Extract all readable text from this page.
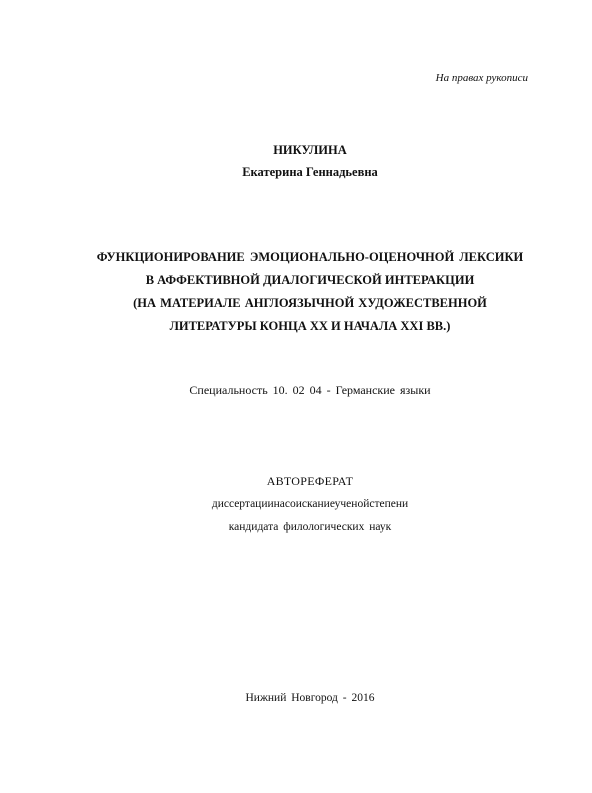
На правах рукописи
НИКУЛИНА
Екатерина Геннадьевна
ФУНКЦИОНИРОВАНИЕ ЭМОЦИОНАЛЬНО-ОЦЕНОЧНОЙ ЛЕКСИКИ
В АФФЕКТИВНОЙ ДИАЛОГИЧЕСКОЙ ИНТЕРАКЦИИ
(НА МАТЕРИАЛЕ АНГЛОЯЗЫЧНОЙ ХУДОЖЕСТВЕННОЙ
ЛИТЕРАТУРЫ КОНЦА XX И НАЧАЛА XXI ВВ.)
Специальность 10. 02 04 - Германские языки
АВТОРЕФЕРАТ
диссертациинасоисканиеученойстепени
кандидата филологических наук
Нижний Новгород - 2016
